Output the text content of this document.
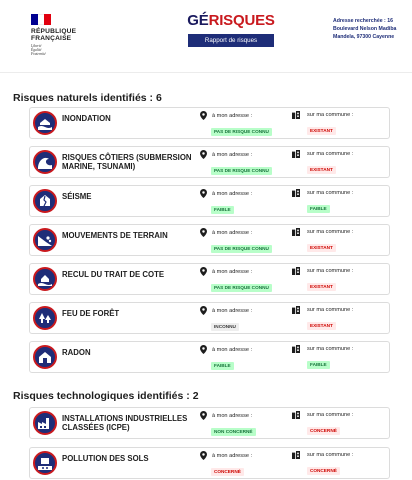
RÉPUBLIQUE
FRANÇAISE
Liberté
Égalité
Fraternité
GÉRISQUES
Rapport de risques
Adresse recherchée : 16
Boulevard Nelson Madiba
Mandela, 97300 Cayenne
Risques naturels identifiés : 6
INONDATION	à mon adresse :
PAS DE RISQUE CONNU
sur ma commune :
EXISTANT
RISQUES CÔTIERS (SUBMERSION MARINE, TSUNAMI)
à mon adresse :
PAS DE RISQUE CONNU
sur ma commune :
EXISTANT
SÉISME	à mon adresse :
FAIBLE
sur ma commune :
FAIBLE
MOUVEMENTS DE TERRAIN	à mon adresse :
PAS DE RISQUE CONNU
sur ma commune :
EXISTANT
RECUL DU TRAIT DE COTE	à mon adresse :
PAS DE RISQUE CONNU
sur ma commune :
EXISTANT
FEU DE FORÊT	à mon adresse :
INCONNU
sur ma commune :
EXISTANT
RADON	à mon adresse :
FAIBLE
sur ma commune :
FAIBLE
Risques technologiques identifiés : 2
INSTALLATIONS INDUSTRIELLES CLASSÉES (ICPE)
à mon adresse :
NON CONCERNÉ
sur ma commune :
CONCERNÉ
POLLUTION DES SOLS	à mon adresse :
CONCERNÉ
sur ma commune :
CONCERNÉ
